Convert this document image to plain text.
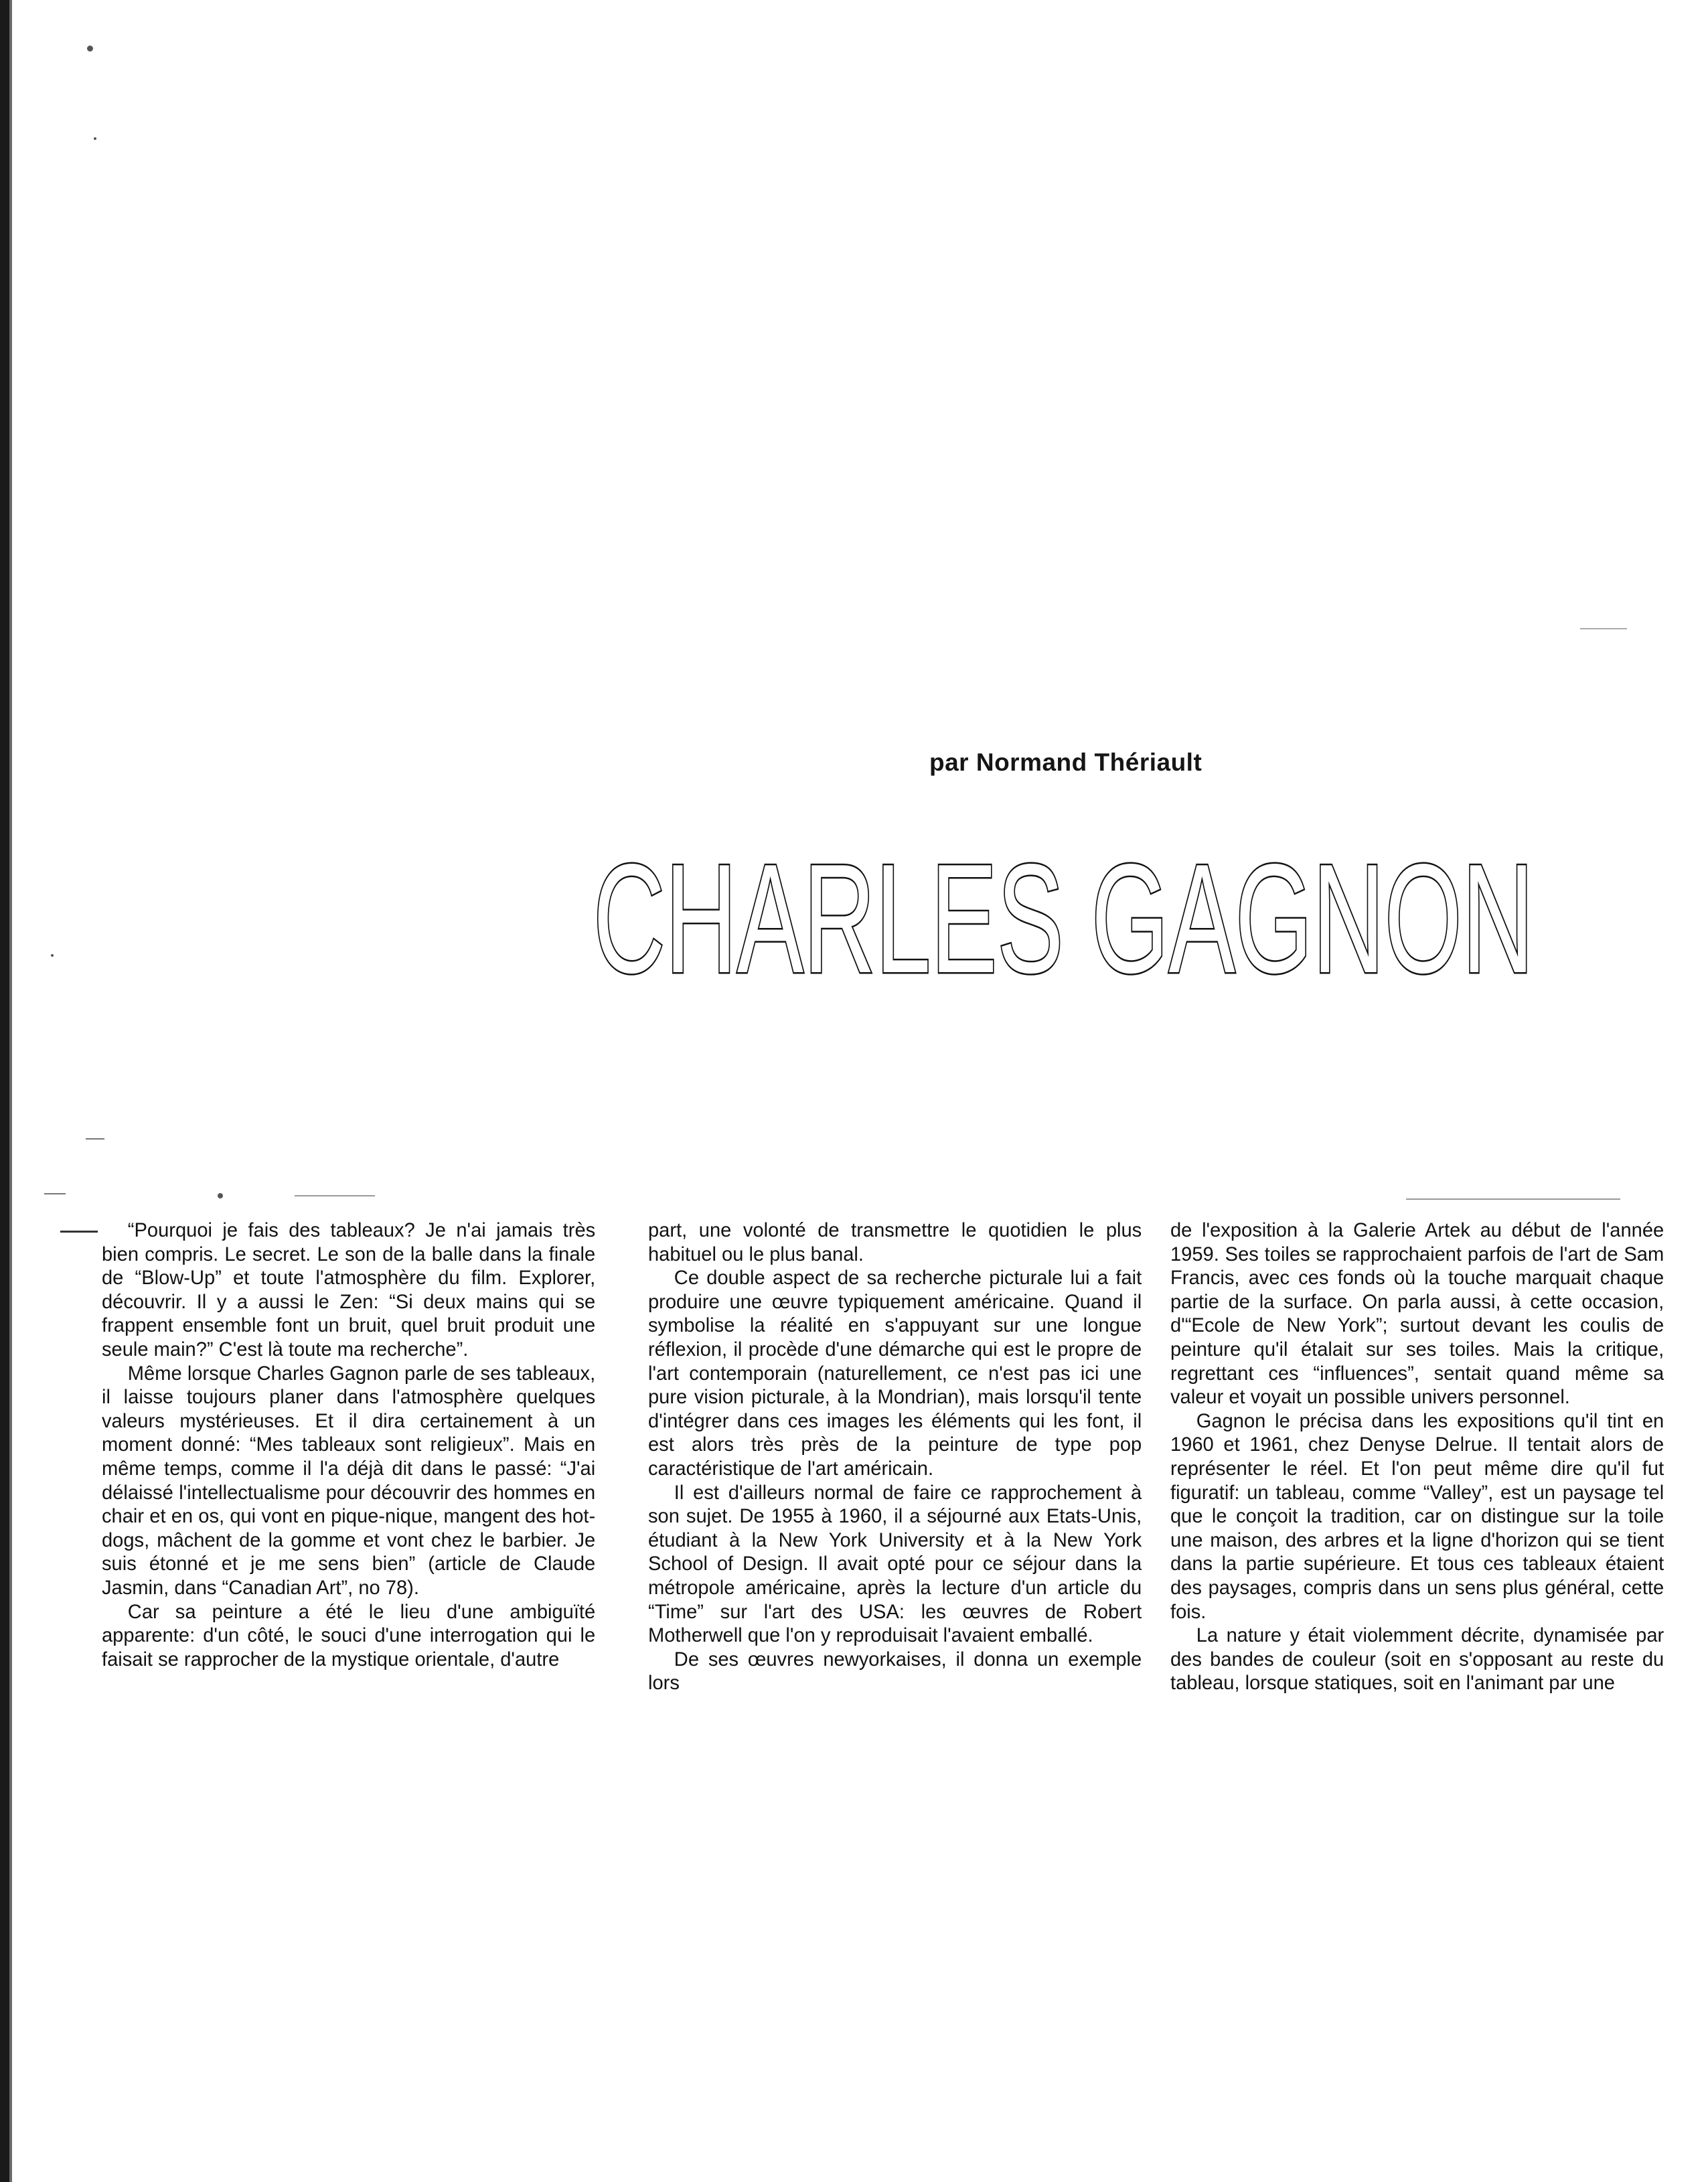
par Normand Thériault
CHARLES GAGNON

“Pourquoi je fais des tableaux? Je n'ai jamais très bien compris. Le secret. Le son de la balle dans la finale de “Blow-Up” et toute l'atmosphère du film. Explorer, découvrir. Il y a aussi le Zen: “Si deux mains qui se frappent ensemble font un bruit, quel bruit produit une seule main?” C'est là toute ma recherche”.

Même lorsque Charles Gagnon parle de ses tableaux, il laisse toujours planer dans l'atmosphère quelques valeurs mystérieuses. Et il dira certainement à un moment donné: “Mes tableaux sont religieux”. Mais en même temps, comme il l'a déjà dit dans le passé: “J'ai délaissé l'intellectualisme pour découvrir des hommes en chair et en os, qui vont en pique-nique, mangent des hot-dogs, mâchent de la gomme et vont chez le barbier. Je suis étonné et je me sens bien” (article de Claude Jasmin, dans “Canadian Art”, no 78).

Car sa peinture a été le lieu d'une ambiguïté apparente: d'un côté, le souci d'une interrogation qui le faisait se rapprocher de la mystique orientale, d'autre

part, une volonté de transmettre le quotidien le plus habituel ou le plus banal.

Ce double aspect de sa recherche picturale lui a fait produire une œuvre typiquement américaine. Quand il symbolise la réalité en s'appuyant sur une longue réflexion, il procède d'une démarche qui est le propre de l'art contemporain (naturellement, ce n'est pas ici une pure vision picturale, à la Mondrian), mais lorsqu'il tente d'intégrer dans ces images les éléments qui les font, il est alors très près de la peinture de type pop caractéristique de l'art américain.

Il est d'ailleurs normal de faire ce rapprochement à son sujet. De 1955 à 1960, il a séjourné aux Etats-Unis, étudiant à la New York University et à la New York School of Design. Il avait opté pour ce séjour dans la métropole américaine, après la lecture d'un article du “Time” sur l'art des USA: les œuvres de Robert Motherwell que l'on y reproduisait l'avaient emballé.

De ses œuvres newyorkaises, il donna un exemple lors

de l'exposition à la Galerie Artek au début de l'année 1959. Ses toiles se rapprochaient parfois de l'art de Sam Francis, avec ces fonds où la touche marquait chaque partie de la surface. On parla aussi, à cette occasion, d'“Ecole de New York”; surtout devant les coulis de peinture qu'il étalait sur ses toiles. Mais la critique, regrettant ces “influences”, sentait quand même sa valeur et voyait un possible univers personnel.

Gagnon le précisa dans les expositions qu'il tint en 1960 et 1961, chez Denyse Delrue. Il tentait alors de représenter le réel. Et l'on peut même dire qu'il fut figuratif: un tableau, comme “Valley”, est un paysage tel que le conçoit la tradition, car on distingue sur la toile une maison, des arbres et la ligne d'horizon qui se tient dans la partie supérieure. Et tous ces tableaux étaient des paysages, compris dans un sens plus général, cette fois.

La nature y était violemment décrite, dynamisée par des bandes de couleur (soit en s'opposant au reste du tableau, lorsque statiques, soit en l'animant par une
